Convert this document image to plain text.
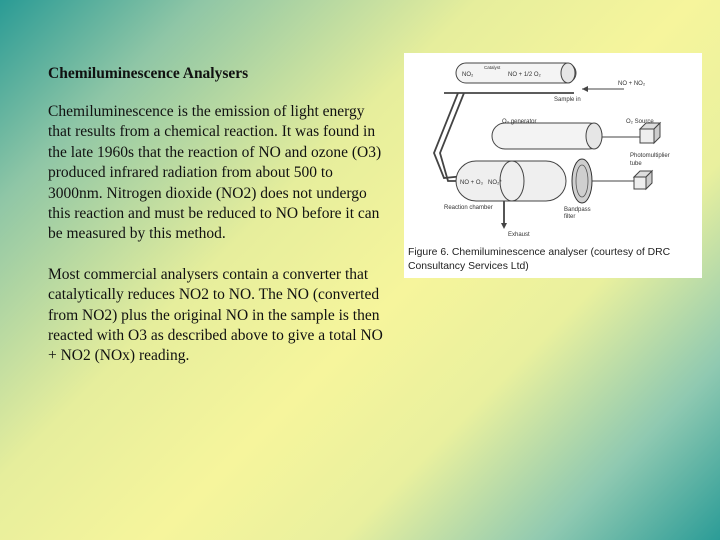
Chemiluminescence Analysers

Chemiluminescence is the emission of light energy that results from a chemical reaction. It was found in the late 1960s that the reaction of NO and ozone (O3) produced infrared radiation from about 500 to 3000nm. Nitrogen dioxide (NO2) does not undergo this reaction and must be reduced to NO before it can be measured by this method.

Most commercial analysers contain a converter that catalytically reduces NO2 to NO. The NO (converted from NO2) plus the original NO in the sample is then reacted with O3 as described above to give a total NO + NO2 (NOx) reading.

NO₂
Catalyst
NO + 1/2 O₂
NO + NO₂
Sample in
O₃ generator	O₂ Source
NO + O₃ NO₂*
Photomultiplier
tube
Reaction chamber	Bandpass
filter
Exhaust
Figure 6. Chemiluminescence analyser (courtesy of DRC Consultancy Services Ltd)
